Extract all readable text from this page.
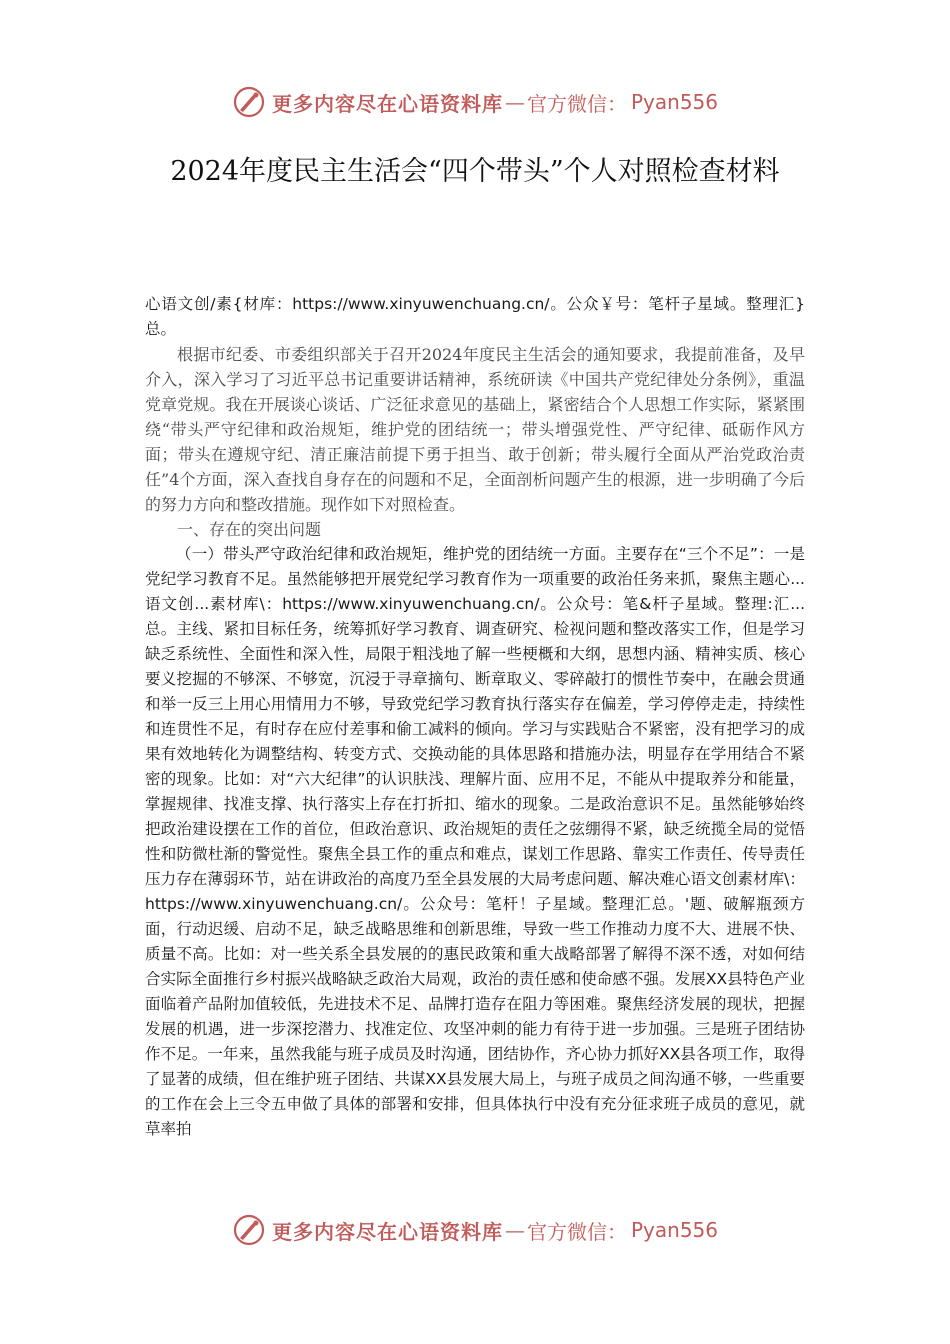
更多内容尽在心语资料库 — 官方微信： Pyan556
2024年度民主生活会“四个带头”个人对照检查材料

心语文创/素{材库：https://www.xinyuwenchuang.cn/。公众￥号：笔杆子星域。整理汇}总。

根据市纪委、市委组织部关于召开2024年度民主生活会的通知要求，我提前准备，及早介入，深入学习了习近平总书记重要讲话精神，系统研读《中国共产党纪律处分条例》，重温党章党规。我在开展谈心谈话、广泛征求意见的基础上，紧密结合个人思想工作实际，紧紧围绕“带头严守纪律和政治规矩，维护党的团结统一；带头增强党性、严守纪律、砥砺作风方面；带头在遵规守纪、清正廉洁前提下勇于担当、敢于创新；带头履行全面从严治党政治责任”4个方面，深入查找自身存在的问题和不足，全面剖析问题产生的根源，进一步明确了今后的努力方向和整改措施。现作如下对照检查。

一、存在的突出问题

（一）带头严守政治纪律和政治规矩，维护党的团结统一方面。主要存在“三个不足”：一是党纪学习教育不足。虽然能够把开展党纪学习教育作为一项重要的政治任务来抓，聚焦主题心...语文创...素材库\：https://www.xinyuwenchuang.cn/。公众号：笔&杆子星域。整理:汇...总。主线、紧扣目标任务，统筹抓好学习教育、调查研究、检视问题和整改落实工作，但是学习缺乏系统性、全面性和深入性，局限于粗浅地了解一些梗概和大纲，思想内涵、精神实质、核心要义挖掘的不够深、不够宽，沉浸于寻章摘句、断章取义、零碎敲打的惯性节奏中，在融会贯通和举一反三上用心用情用力不够，导致党纪学习教育执行落实存在偏差，学习停停走走，持续性和连贯性不足，有时存在应付差事和偷工减料的倾向。学习与实践贴合不紧密，没有把学习的成果有效地转化为调整结构、转变方式、交换动能的具体思路和措施办法，明显存在学用结合不紧密的现象。比如：对“六大纪律”的认识肤浅、理解片面、应用不足，不能从中提取养分和能量，掌握规律、找准支撑、执行落实上存在打折扣、缩水的现象。二是政治意识不足。虽然能够始终把政治建设摆在工作的首位，但政治意识、政治规矩的责任之弦绷得不紧，缺乏统揽全局的觉悟性和防微杜渐的警觉性。聚焦全县工作的重点和难点，谋划工作思路、靠实工作责任、传导责任压力存在薄弱环节，站在讲政治的高度乃至全县发展的大局考虑问题、解决难心语文创素材库\：https://www.xinyuwenchuang.cn/。公众号：笔杆！子星域。整理汇总。'题、破解瓶颈方面，行动迟缓、启动不足，缺乏战略思维和创新思维，导致一些工作推动力度不大、进展不快、质量不高。比如：对一些关系全县发展的的惠民政策和重大战略部署了解得不深不透，对如何结合实际全面推行乡村振兴战略缺乏政治大局观，政治的责任感和使命感不强。发展XX县特色产业面临着产品附加值较低，先进技术不足、品牌打造存在阻力等困难。聚焦经济发展的现状，把握发展的机遇，进一步深挖潜力、找准定位、攻坚冲刺的能力有待于进一步加强。三是班子团结协作不足。一年来，虽然我能与班子成员及时沟通，团结协作，齐心协力抓好XX县各项工作，取得了显著的成绩，但在维护班子团结、共谋XX县发展大局上，与班子成员之间沟通不够，一些重要的工作在会上三令五申做了具体的部署和安排，但具体执行中没有充分征求班子成员的意见，就草率拍

更多内容尽在心语资料库 — 官方微信： Pyan556
